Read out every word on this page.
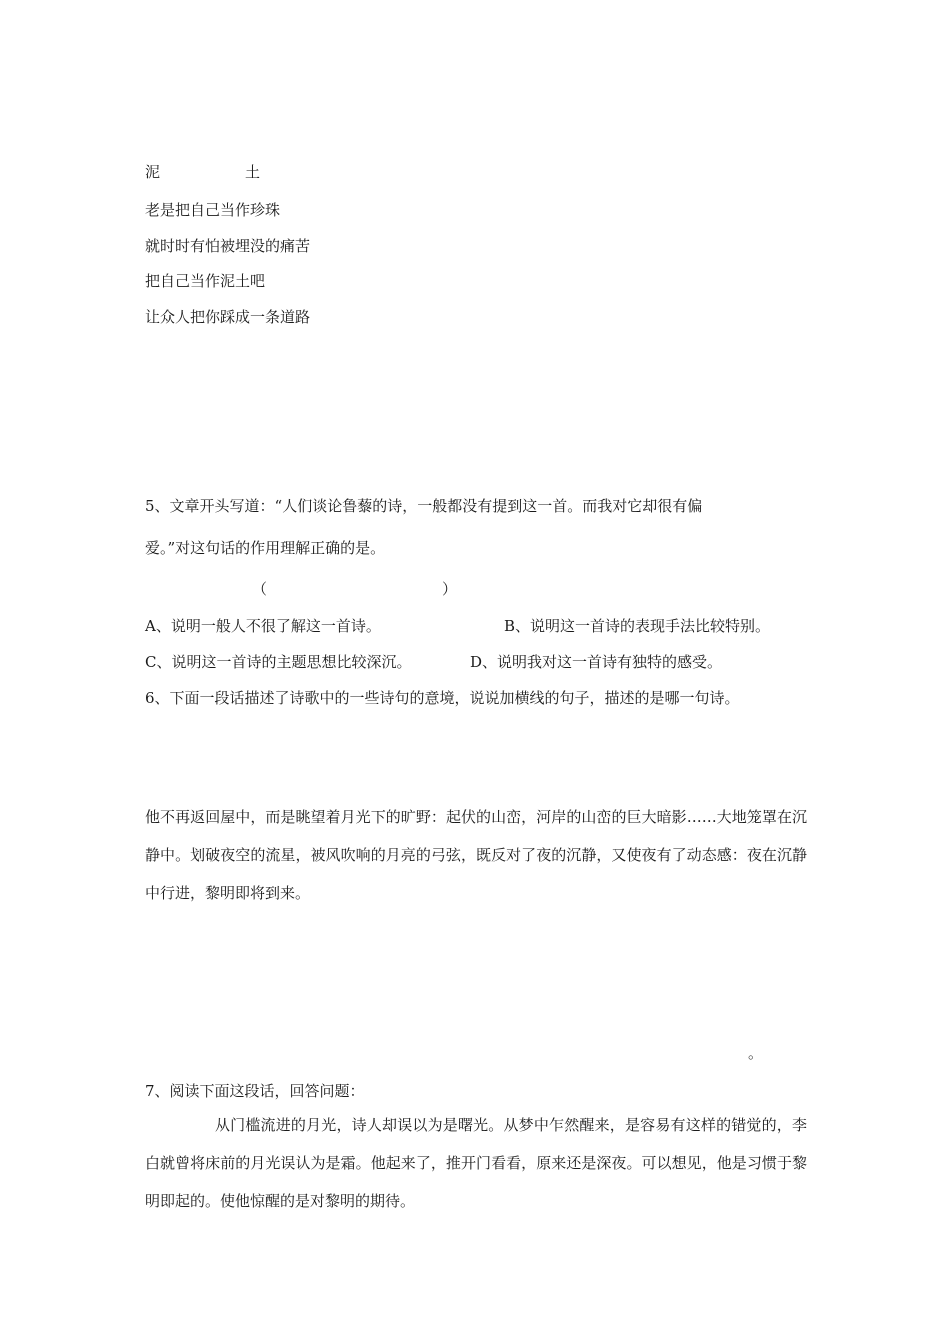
泥	土
老是把自己当作珍珠
就时时有怕被埋没的痛苦
把自己当作泥土吧
让众人把你踩成一条道路
5、文章开头写道：“人们谈论鲁藜的诗，一般都没有提到这一首。而我对它却很有偏
爱。”对这句话的作用理解正确的是。
（	）
A、说明一般人不很了解这一首诗。	B、说明这一首诗的表现手法比较特别。
C、说明这一首诗的主题思想比较深沉。	D、说明我对这一首诗有独特的感受。
6、下面一段话描述了诗歌中的一些诗句的意境，说说加横线的句子，描述的是哪一句诗。
他不再返回屋中，而是眺望着月光下的旷野：起伏的山峦，河岸的山峦的巨大暗影……大地笼罩在沉静中。划破夜空的流星，被风吹响的月亮的弓弦，既反对了夜的沉静，又使夜有了动态感：夜在沉静中行进，黎明即将到来。
。
7、阅读下面这段话，回答问题：
从门槛流进的月光，诗人却误以为是曙光。从梦中乍然醒来，是容易有这样的错觉的，李白就曾将床前的月光误认为是霜。他起来了，推开门看看，原来还是深夜。可以想见，他是习惯于黎明即起的。使他惊醒的是对黎明的期待。
